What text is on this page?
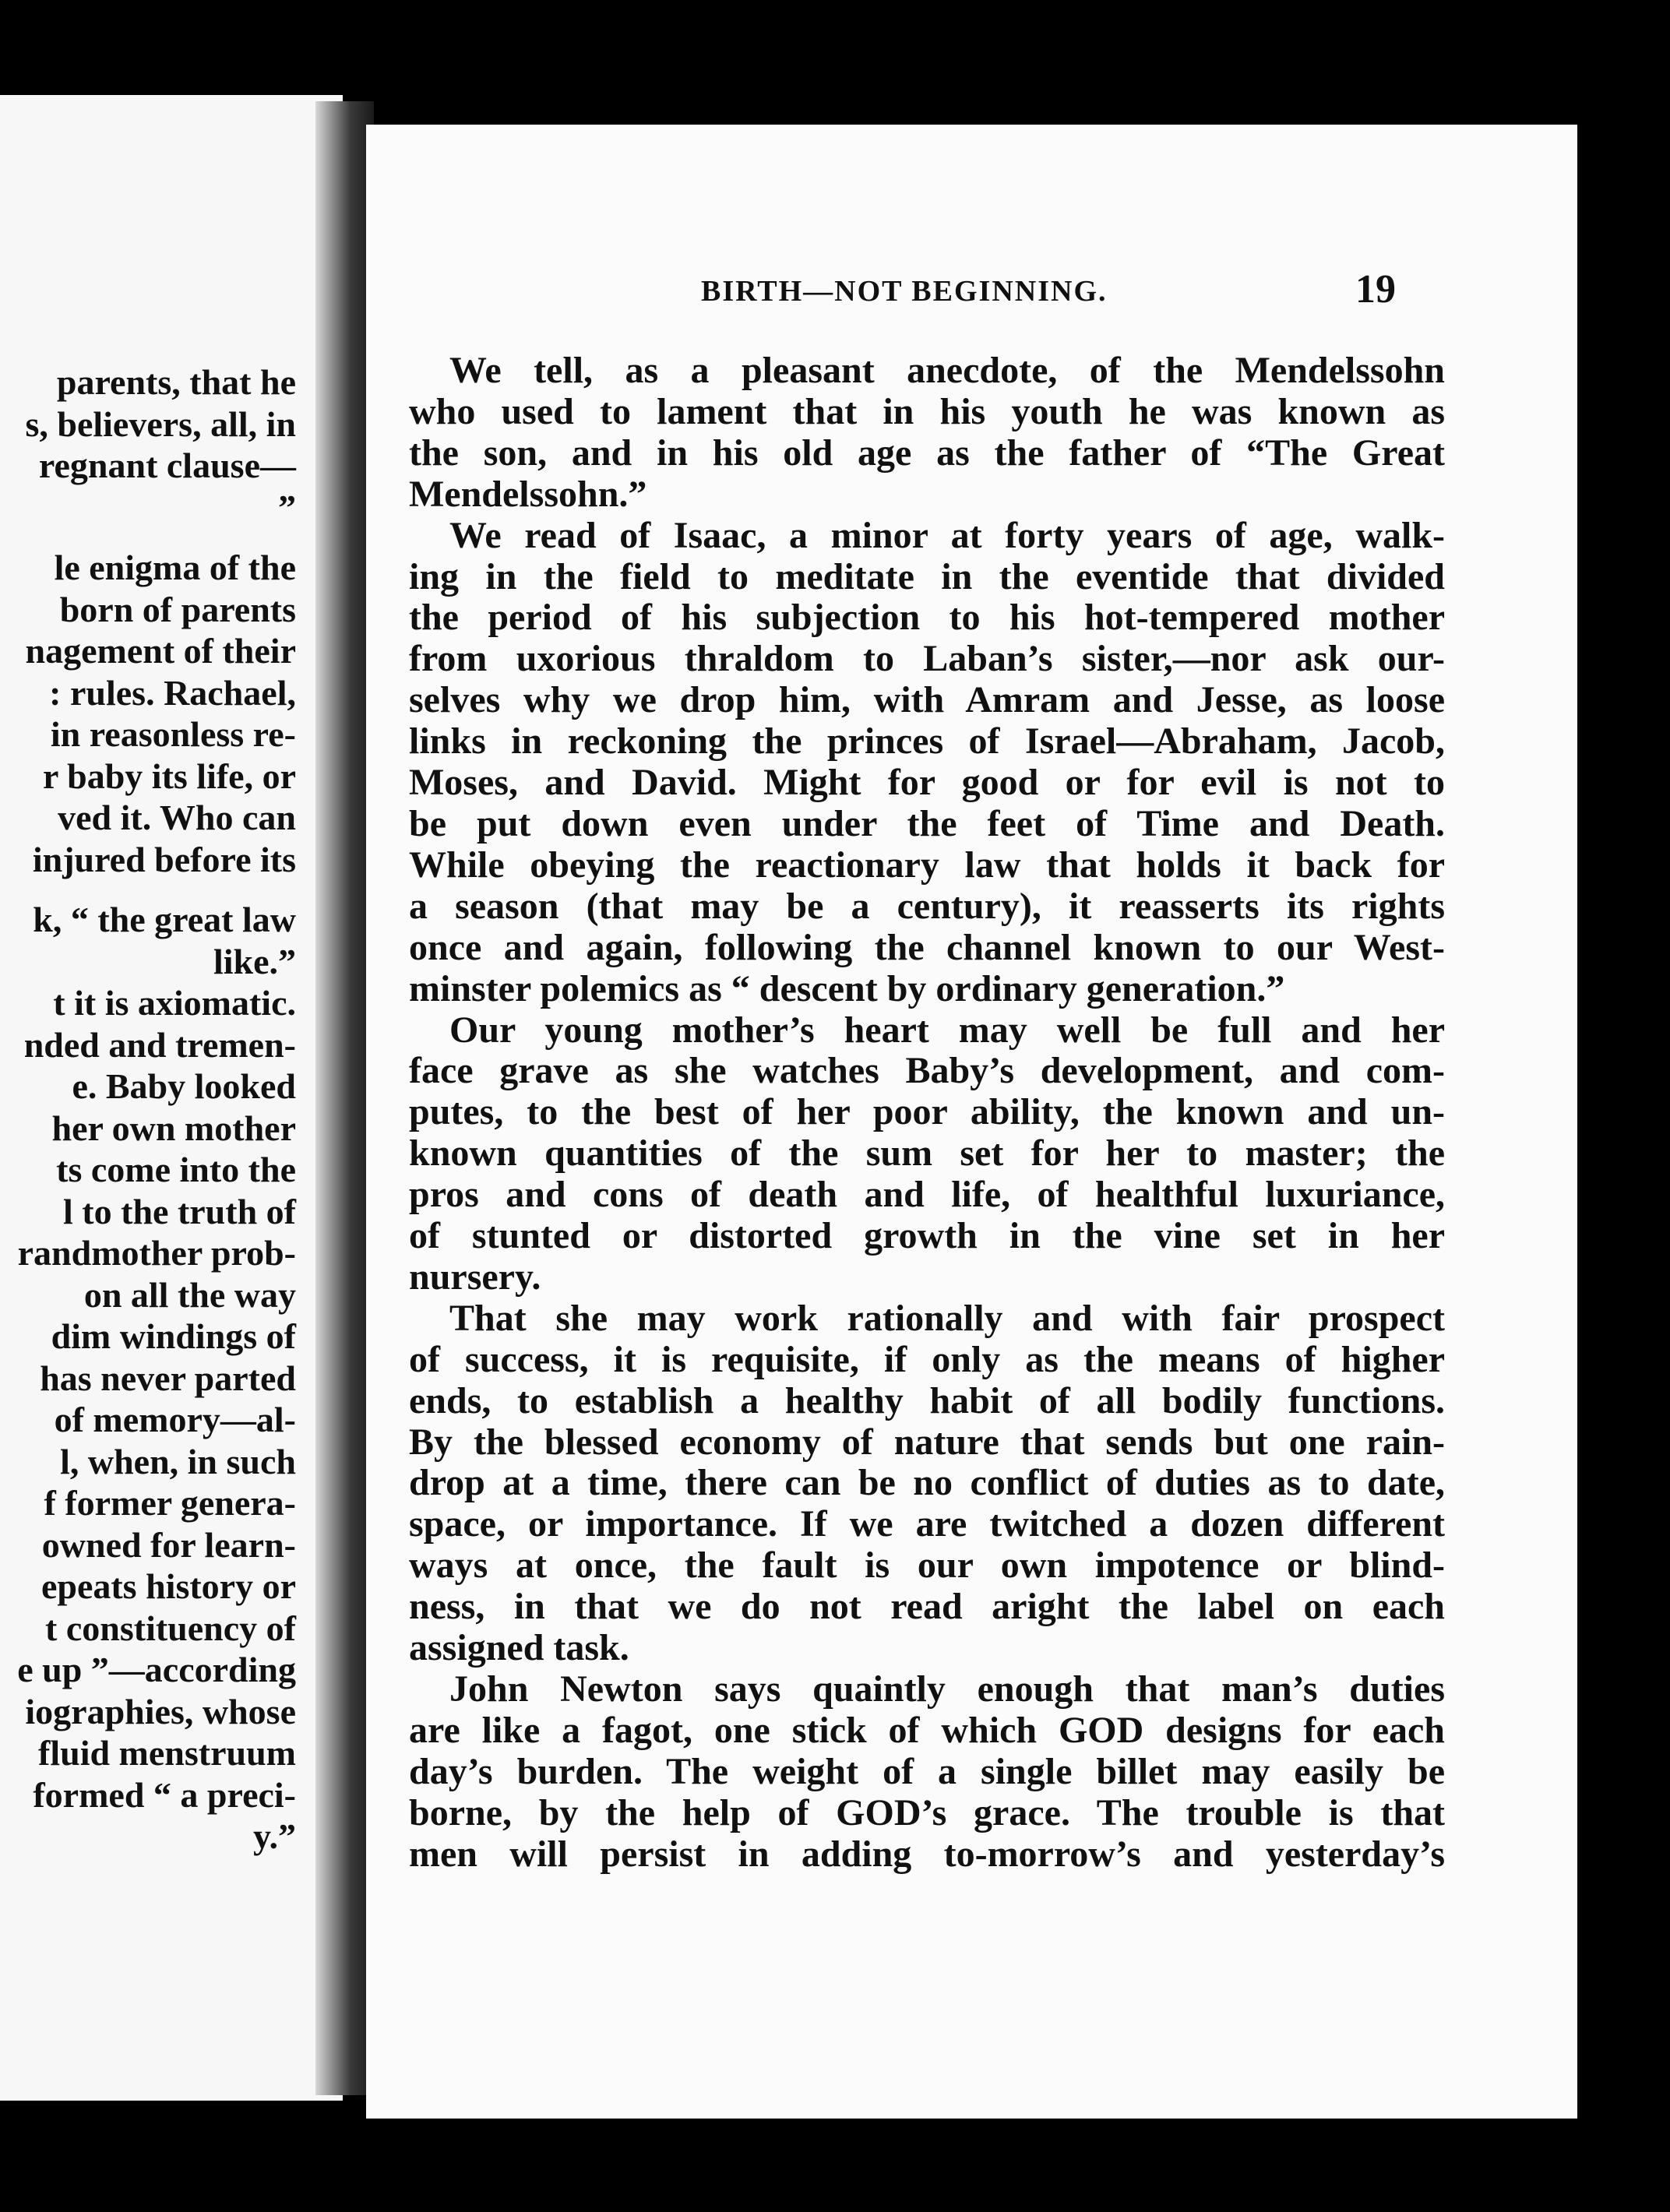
parents, that he
s, believers, all, in
regnant clause—
”
le enigma of the
born of parents
nagement of their
: rules. Rachael,
in reasonless re-
r baby its life, or
ved it. Who can
injured before its
k, “ the great law
like.”
t it is axiomatic.
nded and tremen-
e. Baby looked
her own mother
ts come into the
l to the truth of
randmother prob-
on all the way
dim windings of
has never parted
of memory—al-
l, when, in such
f former genera-
owned for learn-
epeats history or
t constituency of
e up ”—according
iographies, whose
fluid menstruum
formed “ a preci-
y.”
BIRTH—NOT BEGINNING.	19
We tell, as a pleasant anecdote, of the Mendelssohn
who used to lament that in his youth he was known as
the son, and in his old age as the father of “The Great
Mendelssohn.”
We read of Isaac, a minor at forty years of age, walk-
ing in the field to meditate in the eventide that divided
the period of his subjection to his hot-tempered mother
from uxorious thraldom to Laban’s sister,—nor ask our-
selves why we drop him, with Amram and Jesse, as loose
links in reckoning the princes of Israel—Abraham, Jacob,
Moses, and David. Might for good or for evil is not to
be put down even under the feet of Time and Death.
While obeying the reactionary law that holds it back for
a season (that may be a century), it reasserts its rights
once and again, following the channel known to our West-
minster polemics as “ descent by ordinary generation.”
Our young mother’s heart may well be full and her
face grave as she watches Baby’s development, and com-
putes, to the best of her poor ability, the known and un-
known quantities of the sum set for her to master; the
pros and cons of death and life, of healthful luxuriance,
of stunted or distorted growth in the vine set in her
nursery.
That she may work rationally and with fair prospect
of success, it is requisite, if only as the means of higher
ends, to establish a healthy habit of all bodily functions.
By the blessed economy of nature that sends but one rain-
drop at a time, there can be no conflict of duties as to date,
space, or importance. If we are twitched a dozen different
ways at once, the fault is our own impotence or blind-
ness, in that we do not read aright the label on each
assigned task.
John Newton says quaintly enough that man’s duties
are like a fagot, one stick of which GOD designs for each
day’s burden. The weight of a single billet may easily be
borne, by the help of GOD’s grace. The trouble is that
men will persist in adding to-morrow’s and yesterday’s
